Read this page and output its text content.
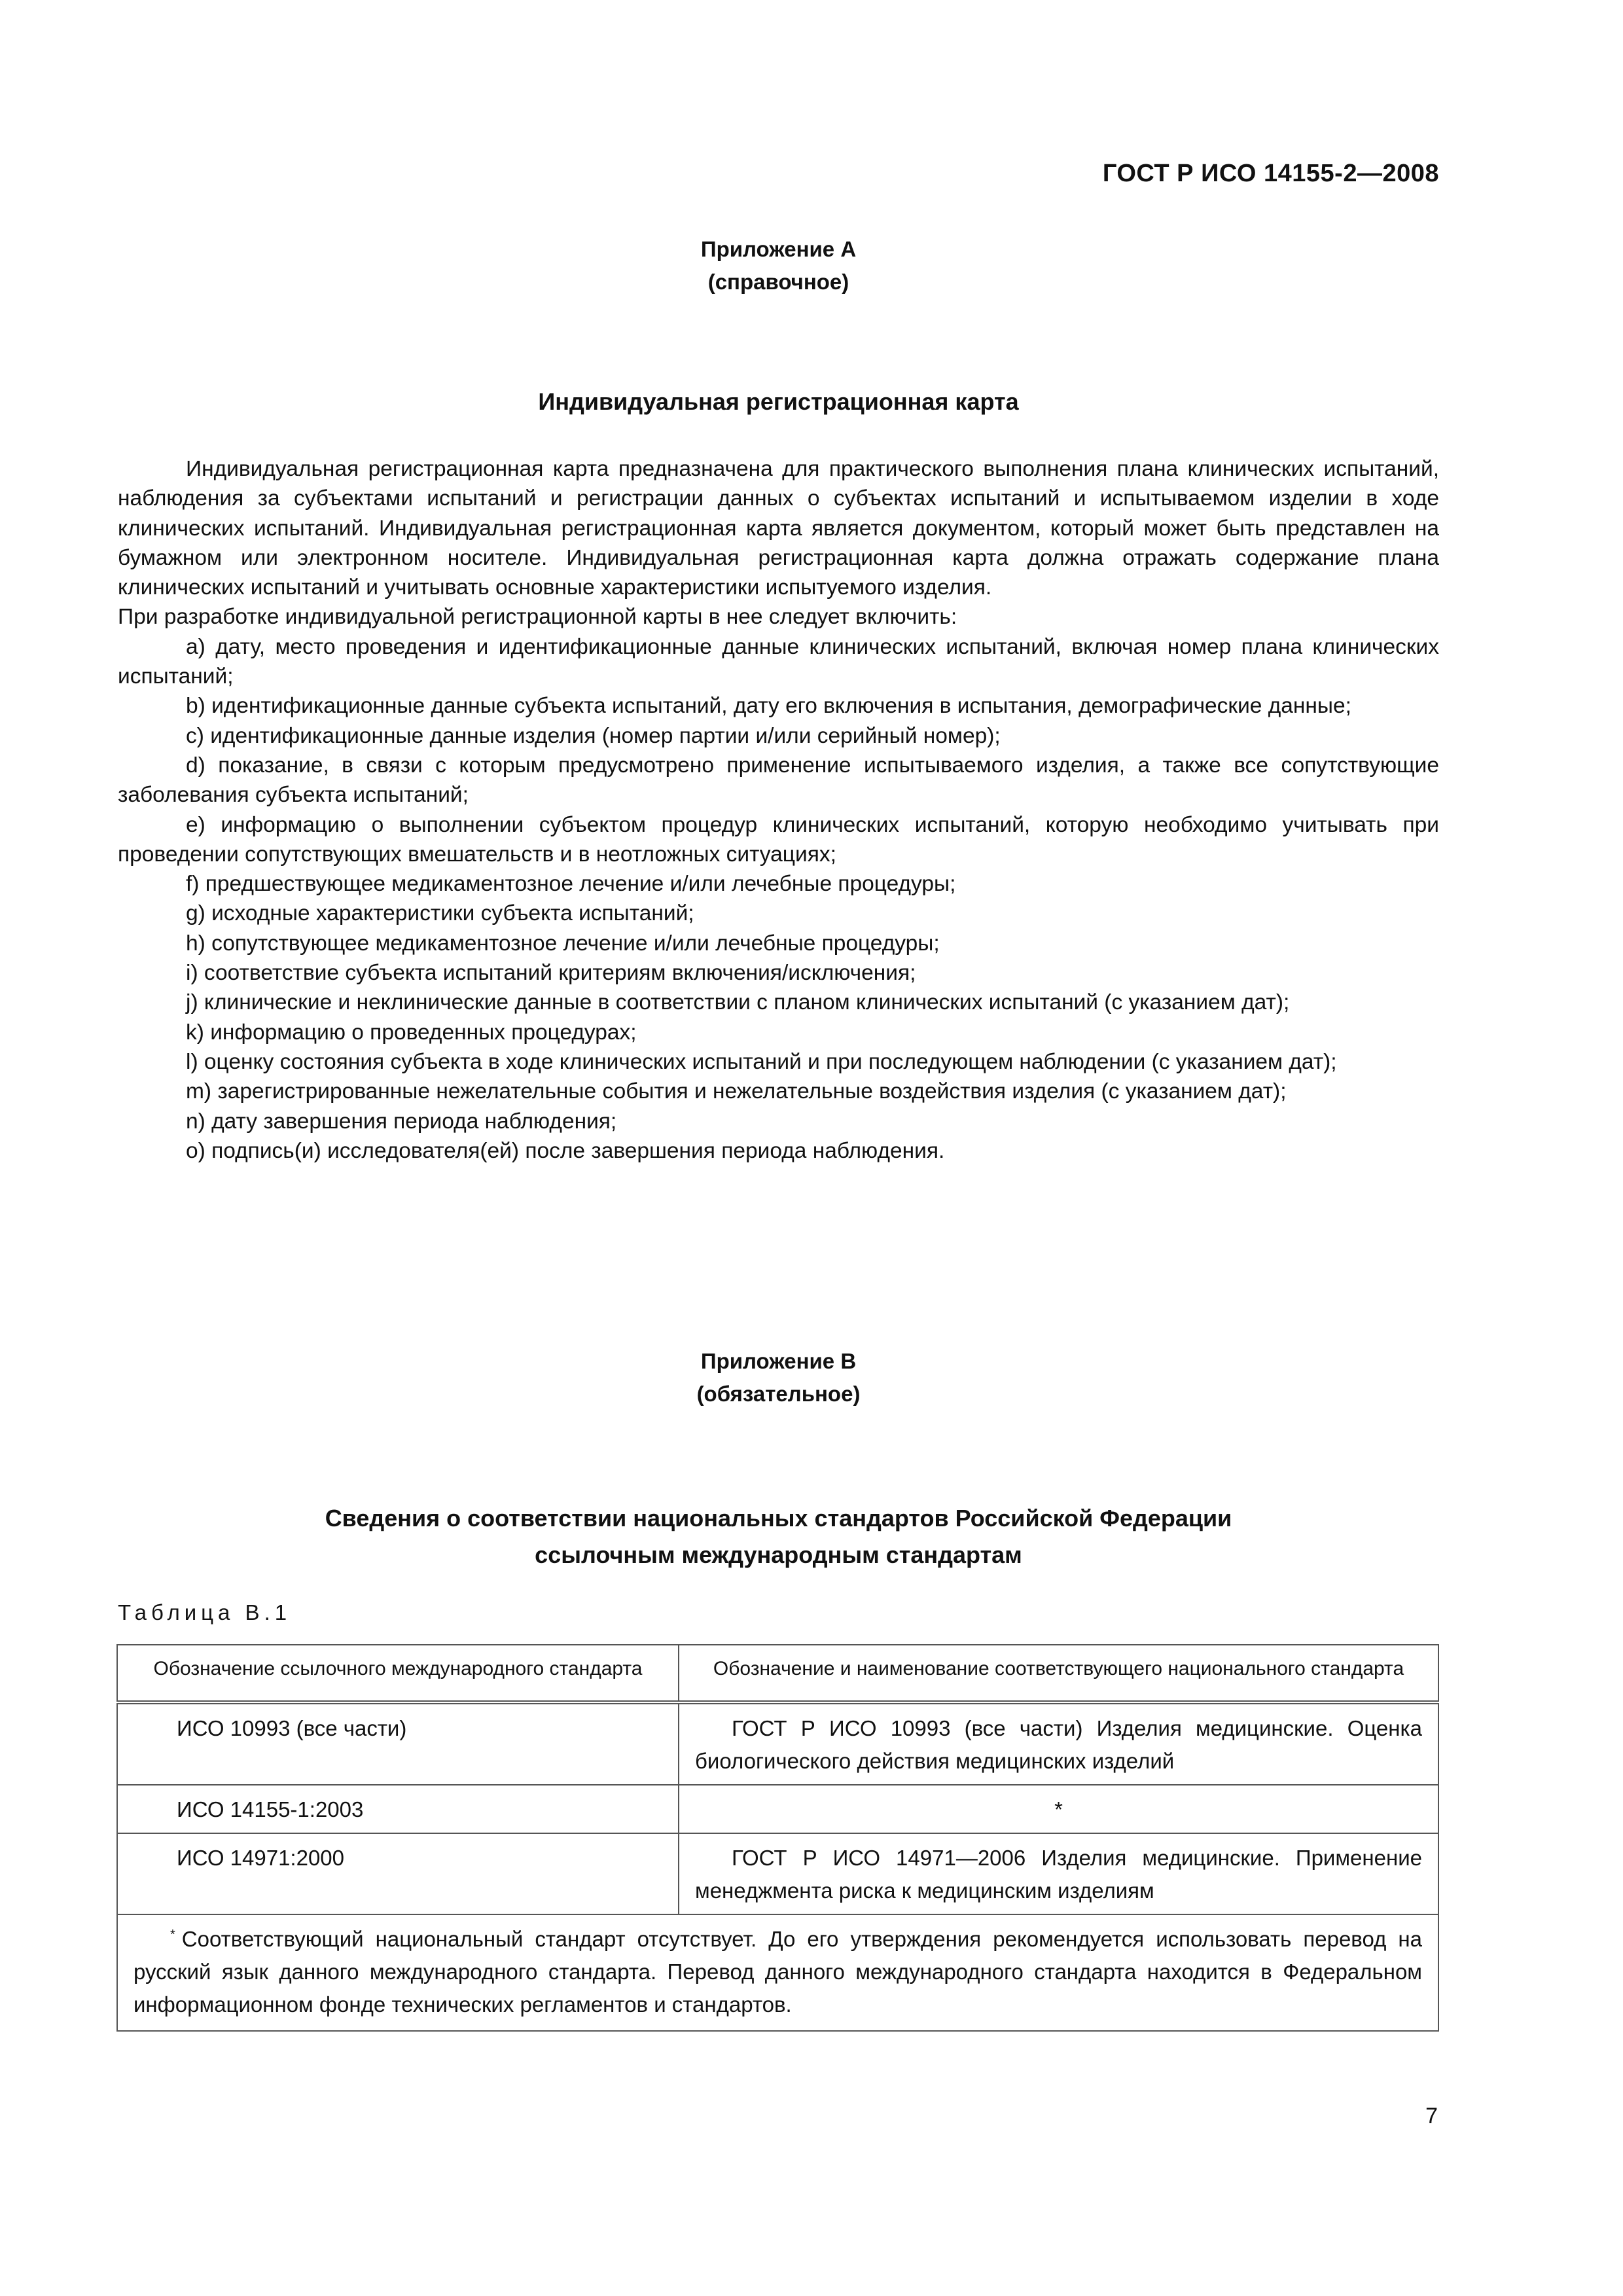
ГОСТ Р ИСО 14155-2—2008
Приложение А
(справочное)
Индивидуальная регистрационная карта

Индивидуальная регистрационная карта предназначена для практического выполнения плана клинических испытаний, наблюдения за субъектами испытаний и регистрации данных о субъектах испытаний и испытываемом изделии в ходе клинических испытаний. Индивидуальная регистрационная карта является документом, который может быть представлен на бумажном или электронном носителе. Индивидуальная регистрационная карта должна отражать содержание плана клинических испытаний и учитывать основные характеристики испытуемого изделия.

При разработке индивидуальной регистрационной карты в нее следует включить:

а) дату, место проведения и идентификационные данные клинических испытаний, включая номер плана клинических испытаний;

b) идентификационные данные субъекта испытаний, дату его включения в испытания, демографические данные;

c) идентификационные данные изделия (номер партии и/или серийный номер);

d) показание, в связи с которым предусмотрено применение испытываемого изделия, а также все сопутствующие заболевания субъекта испытаний;

e) информацию о выполнении субъектом процедур клинических испытаний, которую необходимо учитывать при проведении сопутствующих вмешательств и в неотложных ситуациях;

f) предшествующее медикаментозное лечение и/или лечебные процедуры;

g) исходные характеристики субъекта испытаний;

h) сопутствующее медикаментозное лечение и/или лечебные процедуры;

i) соответствие субъекта испытаний критериям включения/исключения;

j) клинические и неклинические данные в соответствии с планом клинических испытаний (с указанием дат);

k) информацию о проведенных процедурах;

l) оценку состояния субъекта в ходе клинических испытаний и при последующем наблюдении (с указанием дат);

m) зарегистрированные нежелательные события и нежелательные воздействия изделия (с указанием дат);

n) дату завершения периода наблюдения;

o) подпись(и) исследователя(ей) после завершения периода наблюдения.

Приложение В
(обязательное)
Сведения о соответствии национальных стандартов Российской Федерации
ссылочным международным стандартам
Таблица В.1
Обозначение ссылочного международного стандарта	Обозначение и наименование соответствующего национального стандарта
ИСО 10993 (все части)	ГОСТ Р ИСО 10993 (все части) Изделия медицинские. Оценка биологического действия медицинских изделий

ИСО 14155-1:2003	*
ИСО 14971:2000	ГОСТ Р ИСО 14971—2006 Изделия медицинские. Применение менеджмента риска к медицинским изделиям

* Соответствующий национальный стандарт отсутствует. До его утверждения рекомендуется использовать перевод на русский язык данного международного стандарта. Перевод данного международного стандарта находится в Федеральном информационном фонде технических регламентов и стандартов.	
7
